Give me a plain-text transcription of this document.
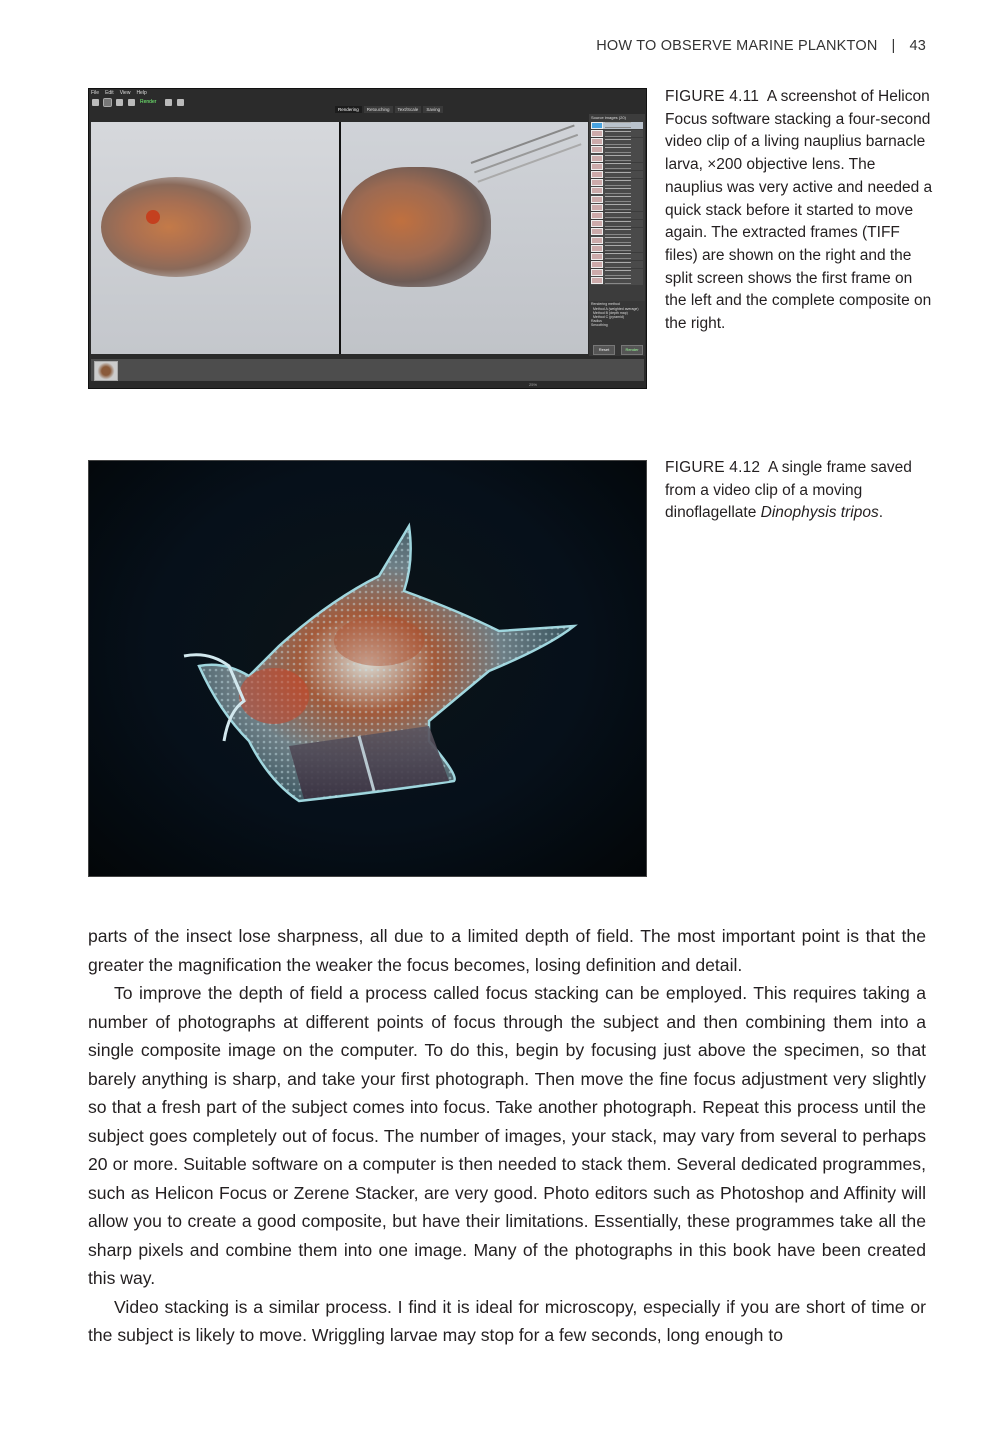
HOW TO OBSERVE MARINE PLANKTON | 43
File Edit View Help
Render
Rendering	Retouching	Text/Scale	Saving
Source images (20)
Rendering method
Method A (weighted average)
Method B (depth map)
Method C (pyramid)
Radius
Smoothing
Reset	Render
25%
FIGURE 4.11 A screenshot of Helicon Focus software stacking a four-second video clip of a living nauplius barnacle larva, ×200 objective lens. The nauplius was very active and needed a quick stack before it started to move again. The extracted frames (TIFF files) are shown on the right and the split screen shows the first frame on the left and the complete composite on the right.
FIGURE 4.12 A single frame saved from a video clip of a moving dinoflagellate Dinophysis tripos.

parts of the insect lose sharpness, all due to a limited depth of field. The most important point is that the greater the magnification the weaker the focus becomes, losing definition and detail.

To improve the depth of field a process called focus stacking can be employed. This requires taking a number of photographs at different points of focus through the subject and then combining them into a single composite image on the computer. To do this, begin by focusing just above the specimen, so that barely anything is sharp, and take your first photograph. Then move the fine focus adjustment very slightly so that a fresh part of the subject comes into focus. Take another photograph. Repeat this process until the subject goes completely out of focus. The number of images, your stack, may vary from several to perhaps 20 or more. Suitable software on a computer is then needed to stack them. Several dedicated programmes, such as Helicon Focus or Zerene Stacker, are very good. Photo editors such as Photoshop and Affinity will allow you to create a good composite, but have their limitations. Essentially, these programmes take all the sharp pixels and combine them into one image. Many of the photographs in this book have been created this way.

Video stacking is a similar process. I find it is ideal for microscopy, especially if you are short of time or the subject is likely to move. Wriggling larvae may stop for a few seconds, long enough to
